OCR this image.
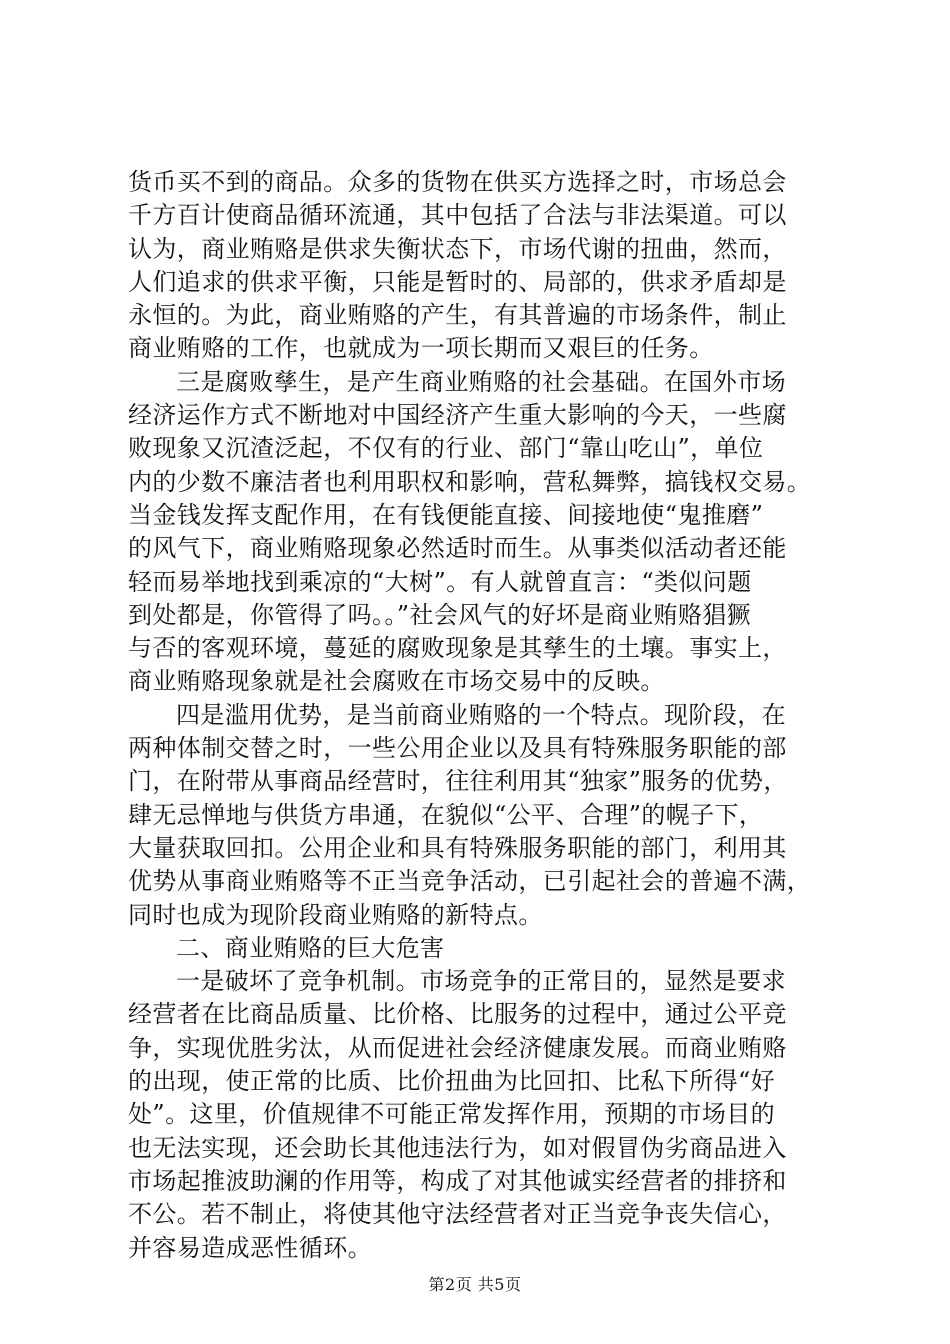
货币买不到的商品。众多的货物在供买方选择之时，市场总会
千方百计使商品循环流通，其中包括了合法与非法渠道。可以
认为，商业贿赂是供求失衡状态下，市场代谢的扭曲，然而，
人们追求的供求平衡，只能是暂时的、局部的，供求矛盾却是
永恒的。为此，商业贿赂的产生，有其普遍的市场条件，制止
商业贿赂的工作，也就成为一项长期而又艰巨的任务。
三是腐败孳生，是产生商业贿赂的社会基础。在国外市场
经济运作方式不断地对中国经济产生重大影响的今天，一些腐
败现象又沉渣泛起，不仅有的行业、部门“靠山吃山”，单位
内的少数不廉洁者也利用职权和影响，营私舞弊，搞钱权交易。
当金钱发挥支配作用，在有钱便能直接、间接地使“鬼推磨”
的风气下，商业贿赂现象必然适时而生。从事类似活动者还能
轻而易举地找到乘凉的“大树”。有人就曾直言：“类似问题
到处都是，你管得了吗。。”社会风气的好坏是商业贿赂猖獗
与否的客观环境，蔓延的腐败现象是其孳生的土壤。事实上，
商业贿赂现象就是社会腐败在市场交易中的反映。
四是滥用优势，是当前商业贿赂的一个特点。现阶段，在
两种体制交替之时，一些公用企业以及具有特殊服务职能的部
门，在附带从事商品经营时，往往利用其“独家”服务的优势，
肆无忌惮地与供货方串通，在貌似“公平、合理”的幌子下，
大量获取回扣。公用企业和具有特殊服务职能的部门，利用其
优势从事商业贿赂等不正当竞争活动，已引起社会的普遍不满，
同时也成为现阶段商业贿赂的新特点。
二、商业贿赂的巨大危害
一是破坏了竞争机制。市场竞争的正常目的，显然是要求
经营者在比商品质量、比价格、比服务的过程中，通过公平竞
争，实现优胜劣汰，从而促进社会经济健康发展。而商业贿赂
的出现，使正常的比质、比价扭曲为比回扣、比私下所得“好
处”。这里，价值规律不可能正常发挥作用，预期的市场目的
也无法实现，还会助长其他违法行为，如对假冒伪劣商品进入
市场起推波助澜的作用等，构成了对其他诚实经营者的排挤和
不公。若不制止，将使其他守法经营者对正当竞争丧失信心，
并容易造成恶性循环。
第2页 共5页
